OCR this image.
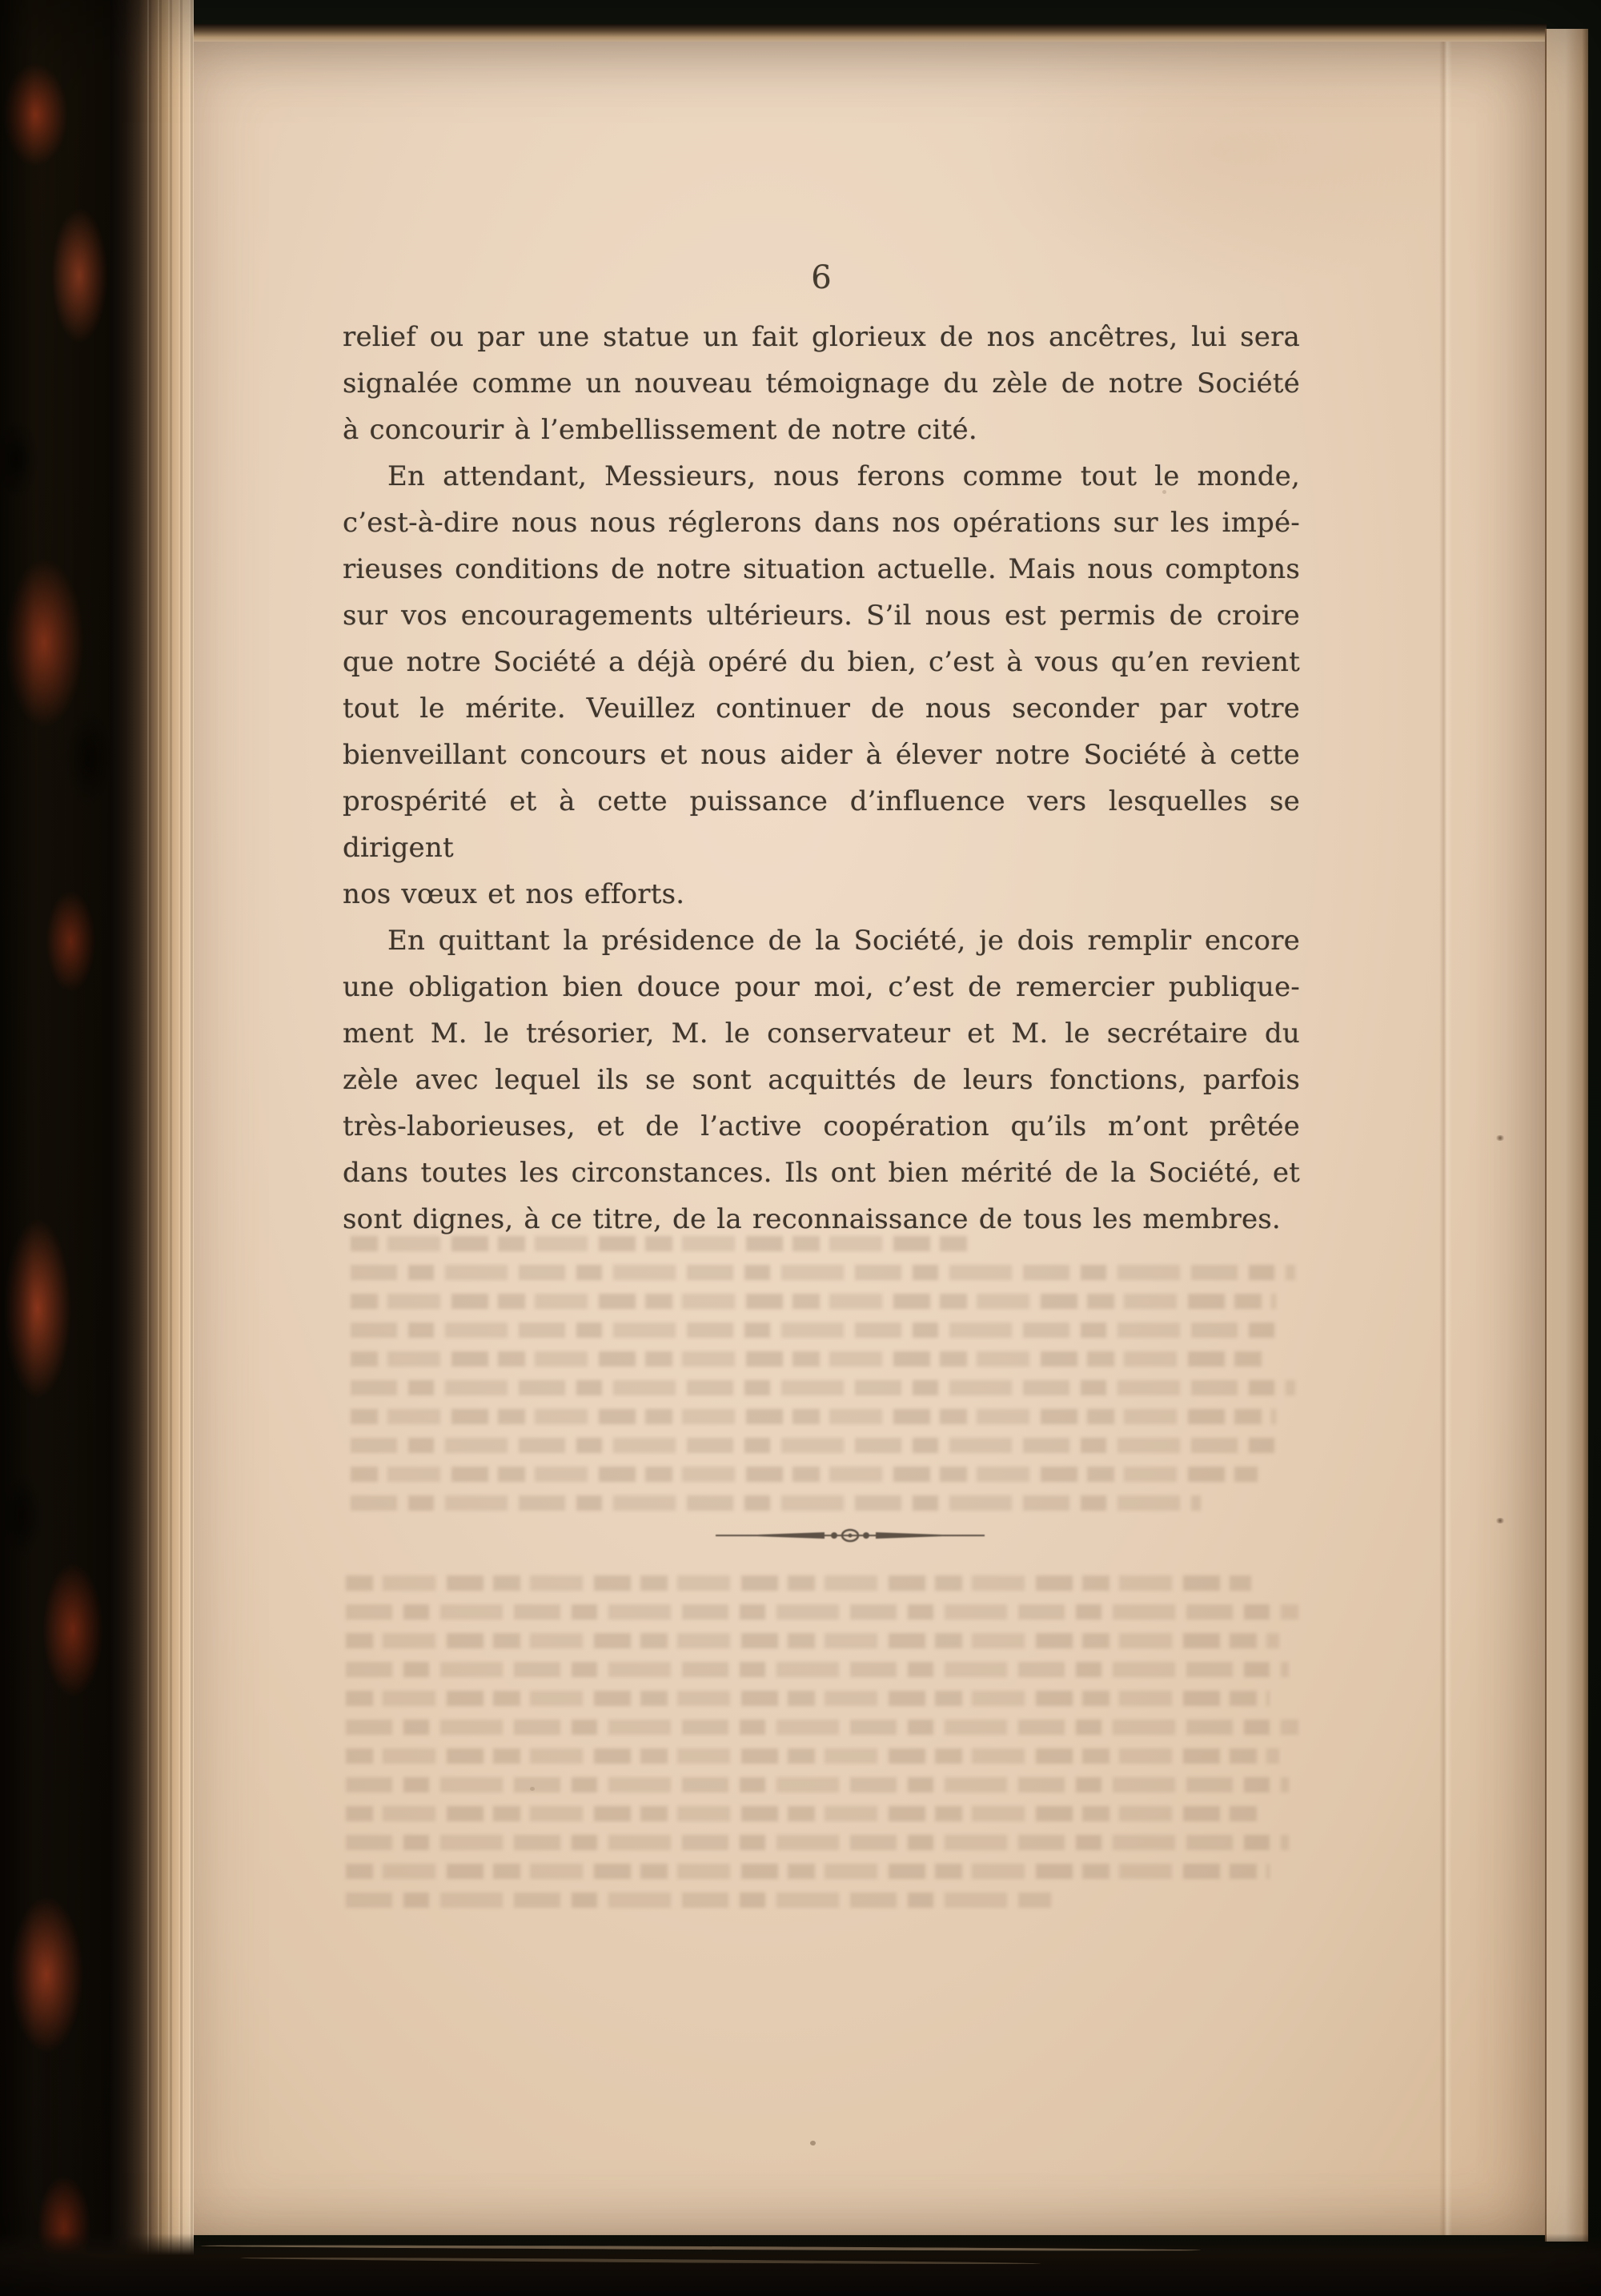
6
relief ou par une statue un fait glorieux de nos ancêtres, lui sera
signalée comme un nouveau témoignage du zèle de notre Société
à concourir à l’embellissement de notre cité.
En attendant, Messieurs, nous ferons comme tout le monde,
c’est-à-dire nous nous réglerons dans nos opérations sur les impé-
rieuses conditions de notre situation actuelle. Mais nous comptons
sur vos encouragements ultérieurs. S’il nous est permis de croire
que notre Société a déjà opéré du bien, c’est à vous qu’en revient
tout le mérite. Veuillez continuer de nous seconder par votre
bienveillant concours et nous aider à élever notre Société à cette
prospérité et à cette puissance d’influence vers lesquelles se dirigent
nos vœux et nos efforts.
En quittant la présidence de la Société, je dois remplir encore
une obligation bien douce pour moi, c’est de remercier publique-
ment M. le trésorier, M. le conservateur et M. le secrétaire du
zèle avec lequel ils se sont acquittés de leurs fonctions, parfois
très-laborieuses, et de l’active coopération qu’ils m’ont prêtée
dans toutes les circonstances. Ils ont bien mérité de la Société, et
sont dignes, à ce titre, de la reconnaissance de tous les membres.
